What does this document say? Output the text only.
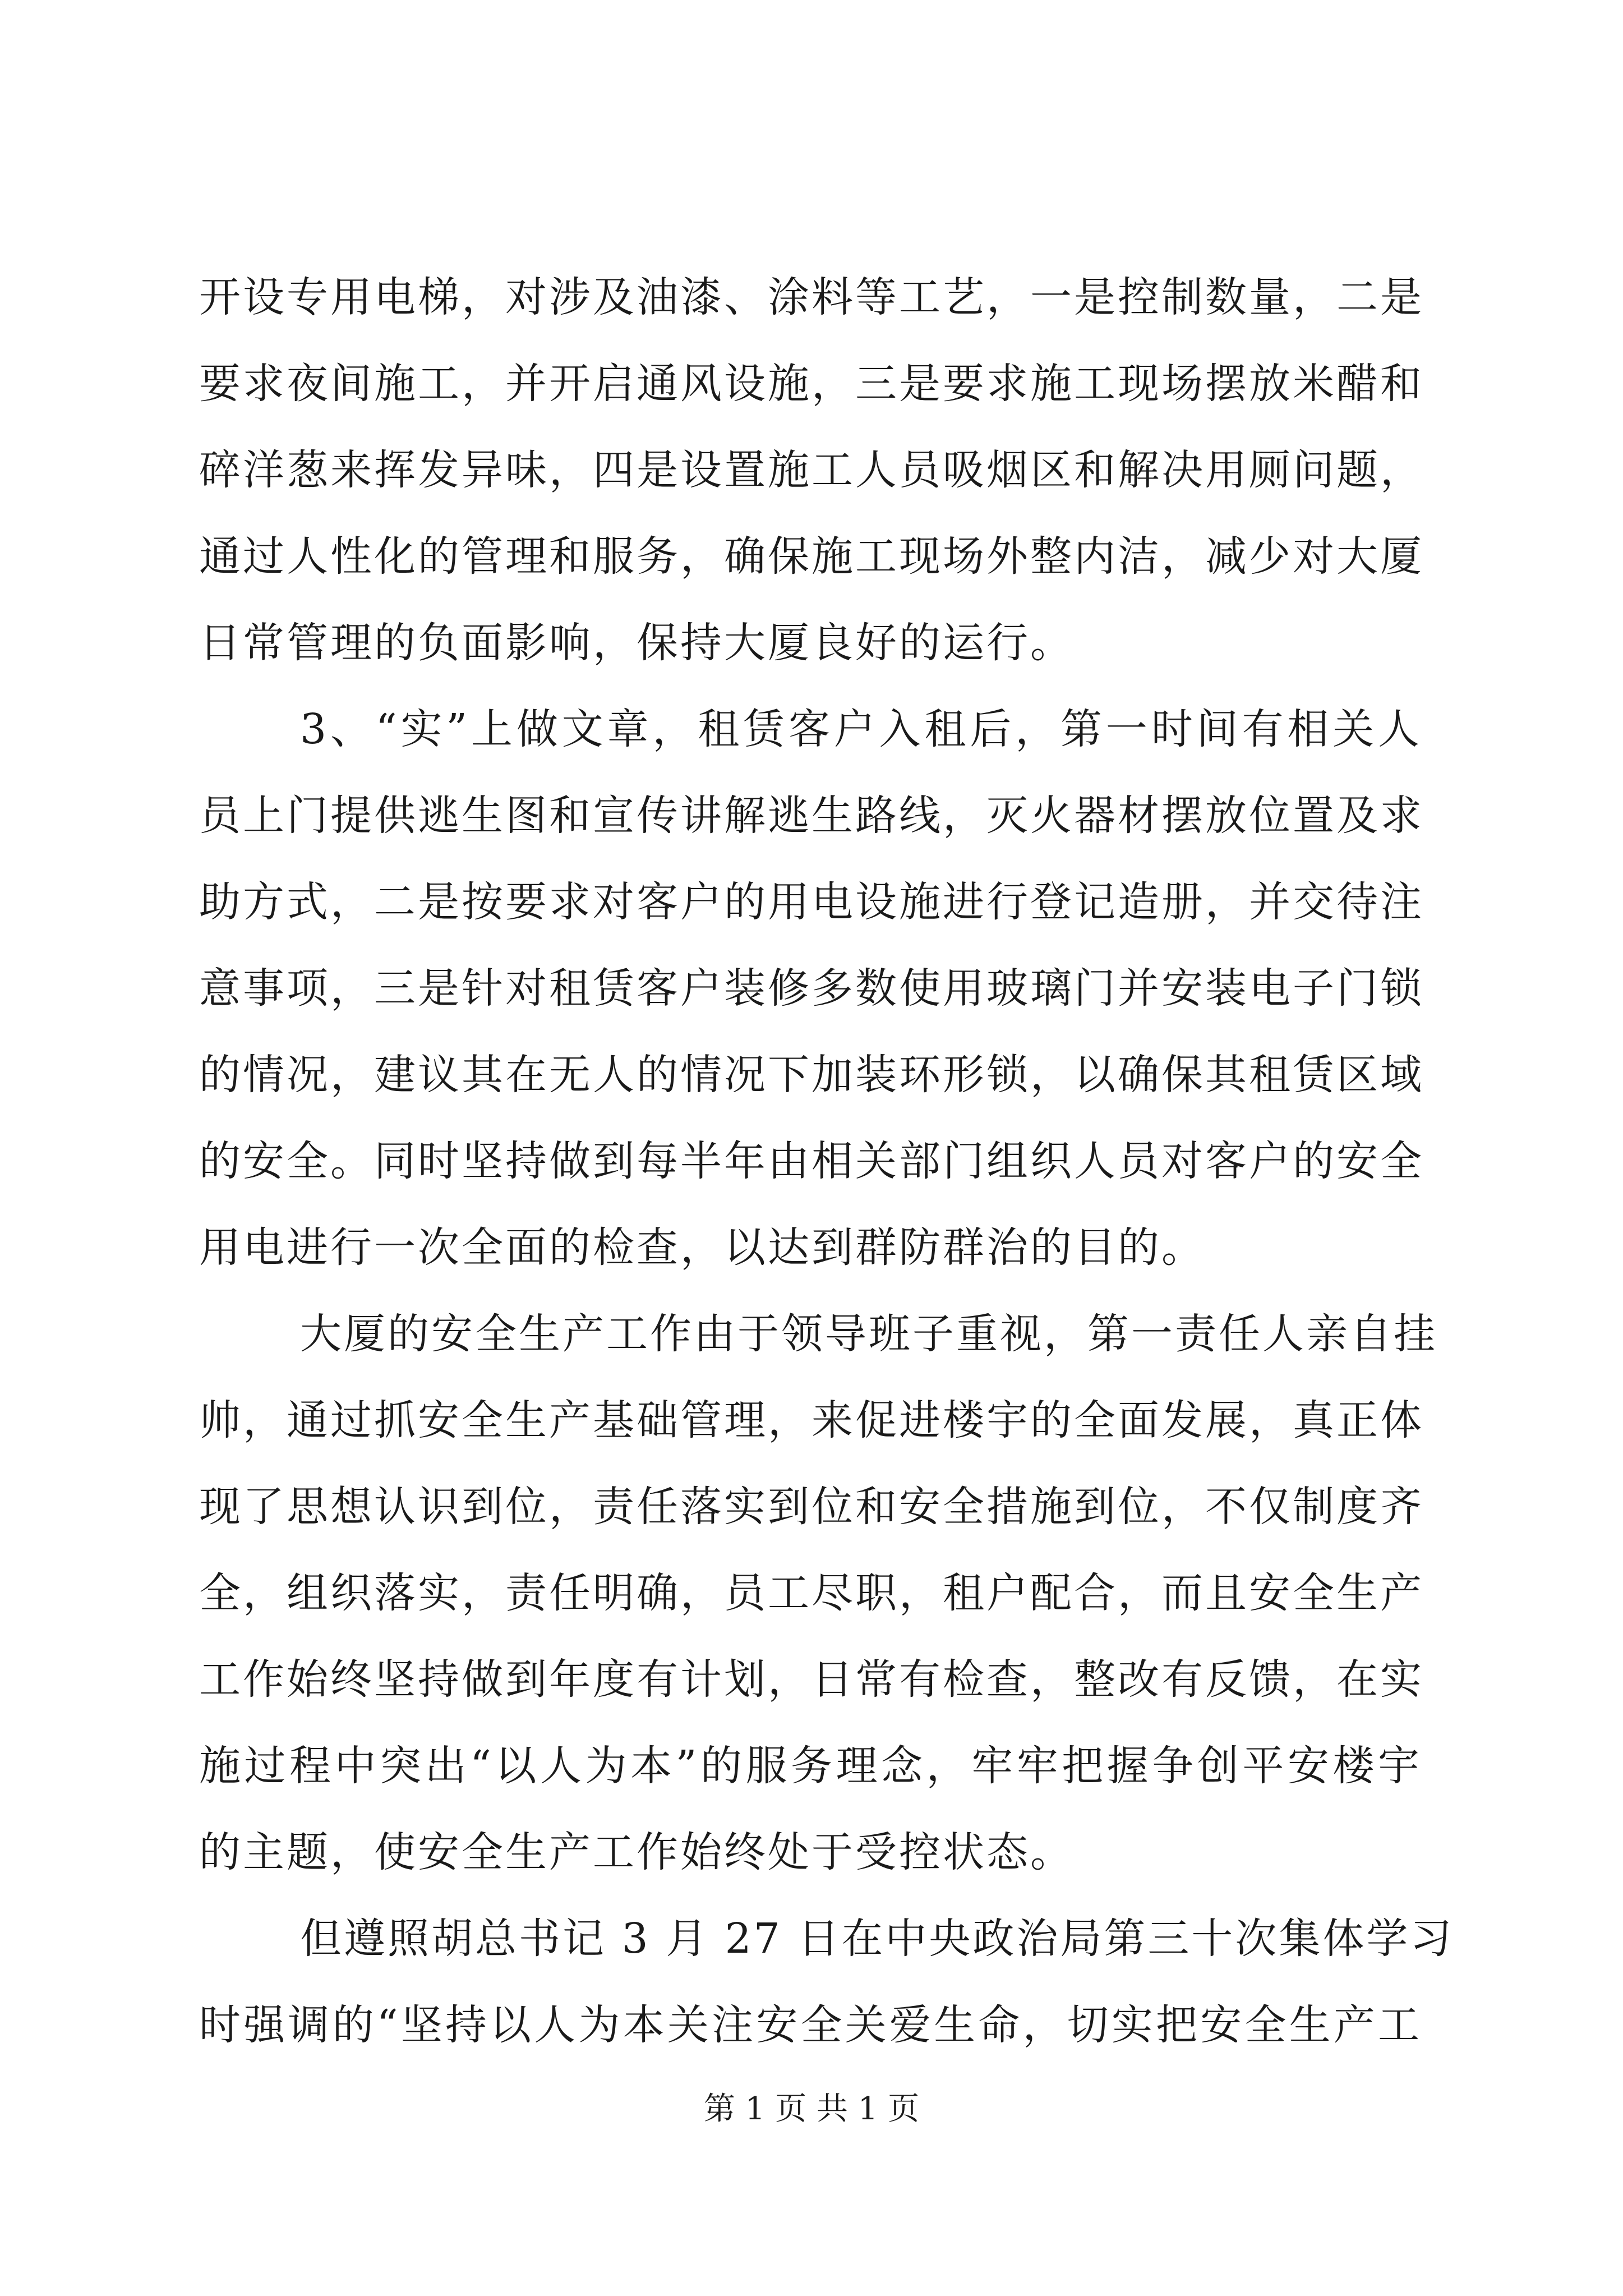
开设专用电梯，对涉及油漆、涂料等工艺，一是控制数量，二是
要求夜间施工，并开启通风设施，三是要求施工现场摆放米醋和
碎洋葱来挥发异味，四是设置施工人员吸烟区和解决用厕问题，
通过人性化的管理和服务，确保施工现场外整内洁，减少对大厦
日常管理的负面影响，保持大厦良好的运行。
3、“实”上做文章，租赁客户入租后，第一时间有相关人
员上门提供逃生图和宣传讲解逃生路线，灭火器材摆放位置及求
助方式，二是按要求对客户的用电设施进行登记造册，并交待注
意事项，三是针对租赁客户装修多数使用玻璃门并安装电子门锁
的情况，建议其在无人的情况下加装环形锁，以确保其租赁区域
的安全。同时坚持做到每半年由相关部门组织人员对客户的安全
用电进行一次全面的检查，以达到群防群治的目的。
大厦的安全生产工作由于领导班子重视，第一责任人亲自挂
帅，通过抓安全生产基础管理，来促进楼宇的全面发展，真正体
现了思想认识到位，责任落实到位和安全措施到位，不仅制度齐
全，组织落实，责任明确，员工尽职，租户配合，而且安全生产
工作始终坚持做到年度有计划，日常有检查，整改有反馈，在实
施过程中突出“以人为本”的服务理念，牢牢把握争创平安楼宇
的主题，使安全生产工作始终处于受控状态。
但遵照胡总书记 3 月 27 日在中央政治局第三十次集体学习
时强调的“坚持以人为本关注安全关爱生命，切实把安全生产工
第 1 页 共 1 页
